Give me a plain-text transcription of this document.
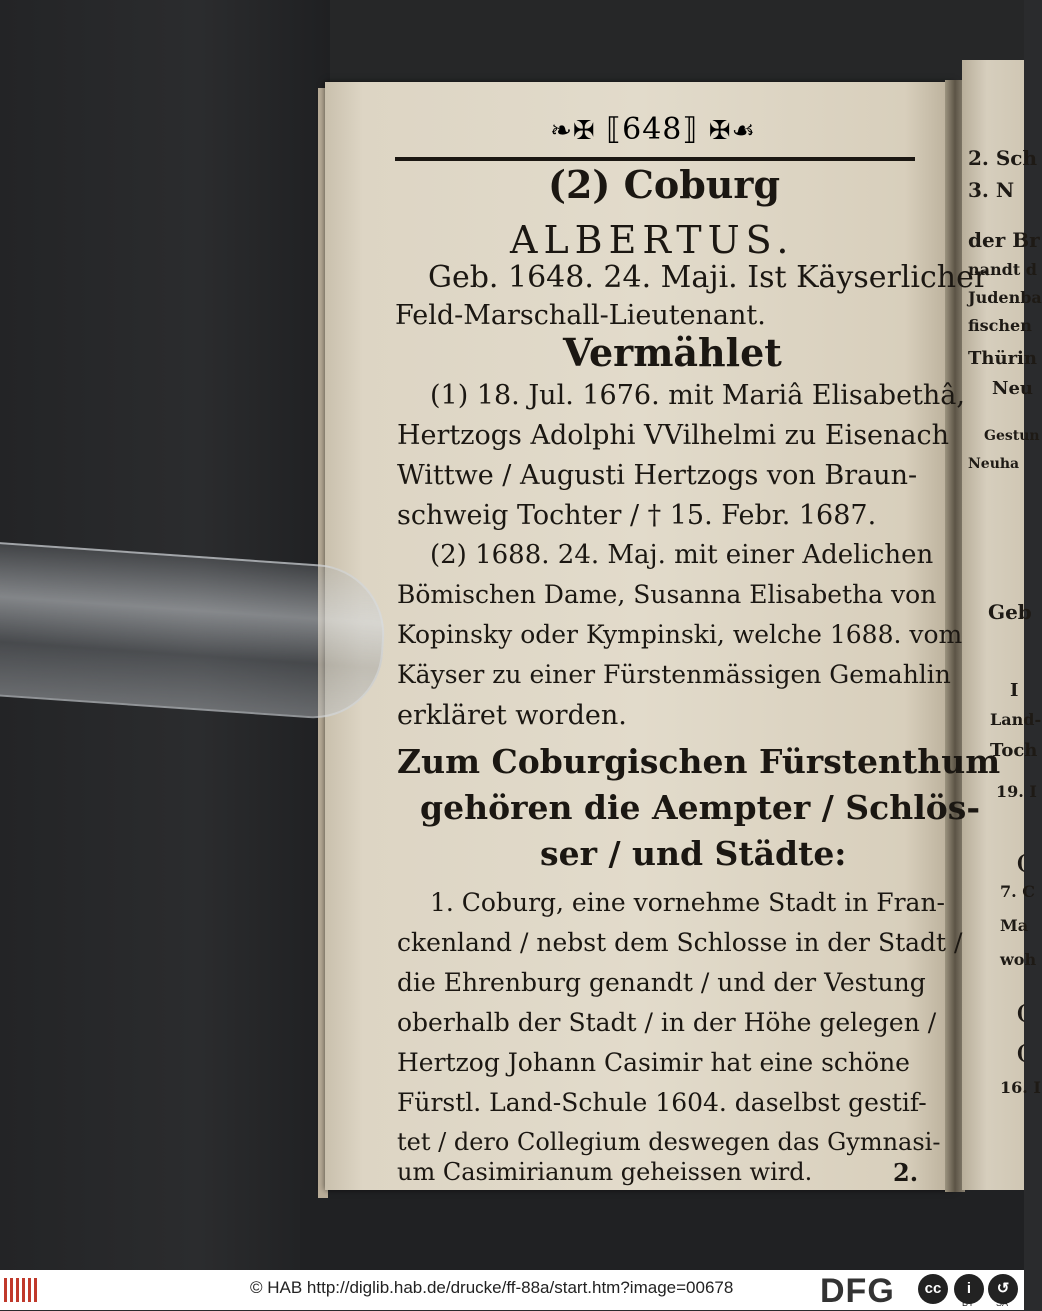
2. Sch
3. N
der Br
nandt d
Judenba
fischen
Thürin
Neu
Gestun
Neuha
Geb
I
Land-
Toch
19. I
(
7. C
Ma
woh
(
(
16. I
❧✠ ⟦648⟧ ✠☙
(2) Coburg
ALBERTUS.
Geb. 1648. 24. Maji. Ist Käyserlicher
Feld-Marschall-Lieutenant.
Vermählet
(1) 18. Jul. 1676. mit Mariâ Elisabethâ,
Hertzogs Adolphi VVilhelmi zu Eisenach
Wittwe / Augusti Hertzogs von Braun-
schweig Tochter / † 15. Febr. 1687.
(2) 1688. 24. Maj. mit einer Adelichen
Bömischen Dame, Susanna Elisabetha von
Kopinsky oder Kympinski, welche 1688. vom
Käyser zu einer Fürstenmässigen Gemahlin
erkläret worden.
Zum Coburgischen Fürstenthum
gehören die Aempter / Schlös-
ser / und Städte:
1. Coburg, eine vornehme Stadt in Fran-
ckenland / nebst dem Schlosse in der Stadt /
die Ehrenburg genandt / und der Vestung
oberhalb der Stadt / in der Höhe gelegen /
Hertzog Johann Casimir hat eine schöne
Fürstl. Land-Schule 1604. daselbst gestif-
tet / dero Collegium deswegen das Gymnasi-
um Casimirianum geheissen wird.	2.
© HAB http://diglib.hab.de/drucke/ff-88a/start.htm?image=00678	DFG	cc	i
BY
↺
SA
